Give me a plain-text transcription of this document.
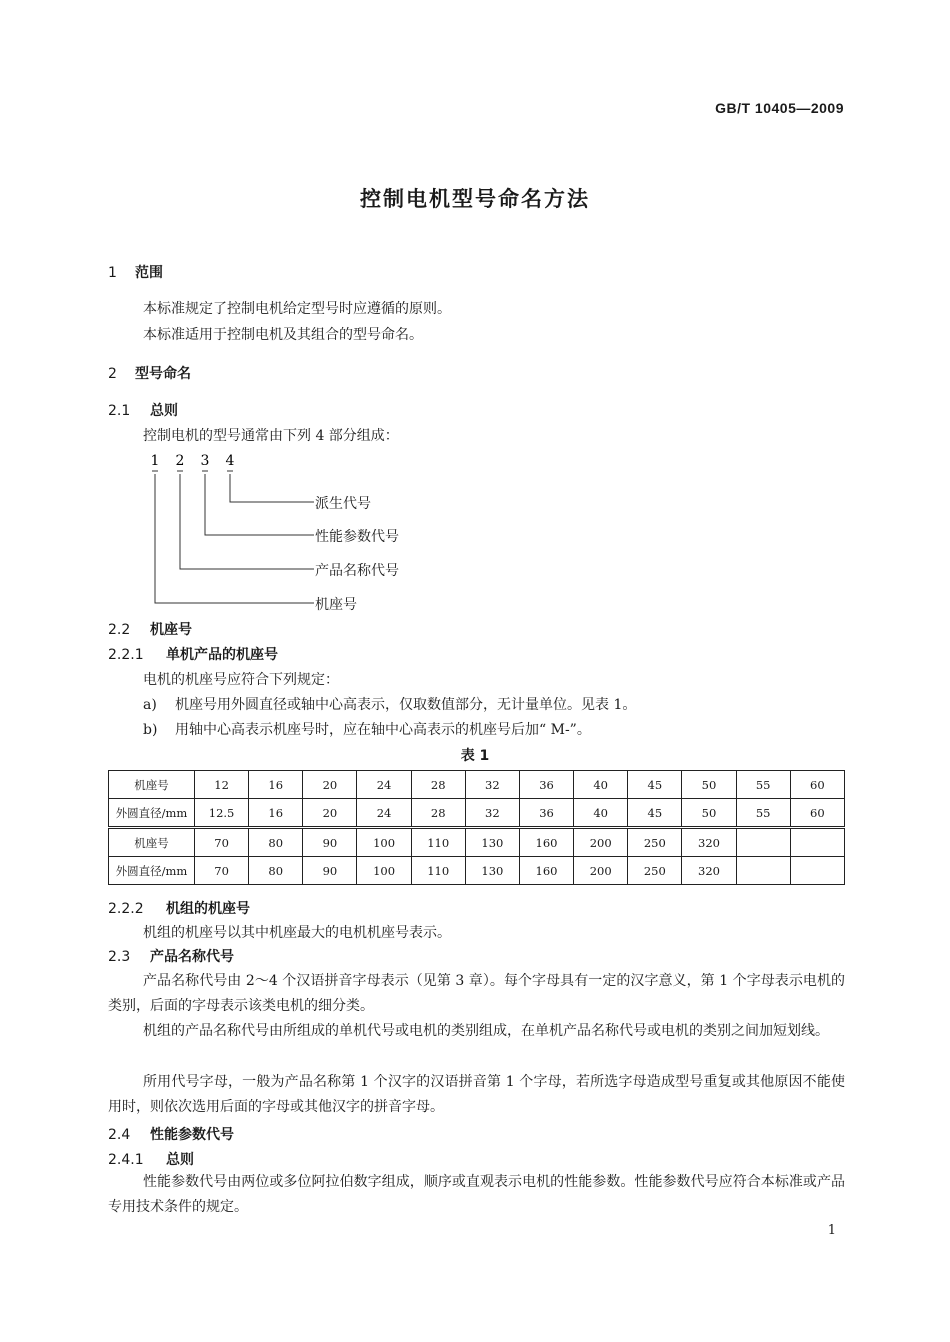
GB/T 10405—2009
控制电机型号命名方法
1 范围
本标准规定了控制电机给定型号时应遵循的原则。
本标准适用于控制电机及其组合的型号命名。
2 型号命名
2.1 总则
控制电机的型号通常由下列 4 部分组成：
1 2 3 4
派生代号
性能参数代号
产品名称代号
机座号
2.2 机座号
2.2.1 单机产品的机座号
电机的机座号应符合下列规定：
a) 机座号用外圆直径或轴中心高表示，仅取数值部分，无计量单位。见表 1。
b) 用轴中心高表示机座号时，应在轴中心高表示的机座号后加“ M-”。
表 1
机座号	12	16	20	24	28	32	36	40	45	50	55	60
外圆直径/mm	12.5	16	20	24	28	32	36	40	45	50	55	60
机座号	70	80	90	100	110	130	160	200	250	320		
外圆直径/mm	70	80	90	100	110	130	160	200	250	320		
2.2.2 机组的机座号
机组的机座号以其中机座最大的电机机座号表示。
2.3 产品名称代号
产品名称代号由 2～4 个汉语拼音字母表示（见第 3 章）。每个字母具有一定的汉字意义，第 1 个字母表示电机的类别，后面的字母表示该类电机的细分类。
机组的产品名称代号由所组成的单机代号或电机的类别组成，在单机产品名称代号或电机的类别之间加短划线。
所用代号字母，一般为产品名称第 1 个汉字的汉语拼音第 1 个字母，若所选字母造成型号重复或其他原因不能使用时，则依次选用后面的字母或其他汉字的拼音字母。
2.4 性能参数代号
2.4.1 总则
性能参数代号由两位或多位阿拉伯数字组成，顺序或直观表示电机的性能参数。性能参数代号应符合本标准或产品专用技术条件的规定。
1
